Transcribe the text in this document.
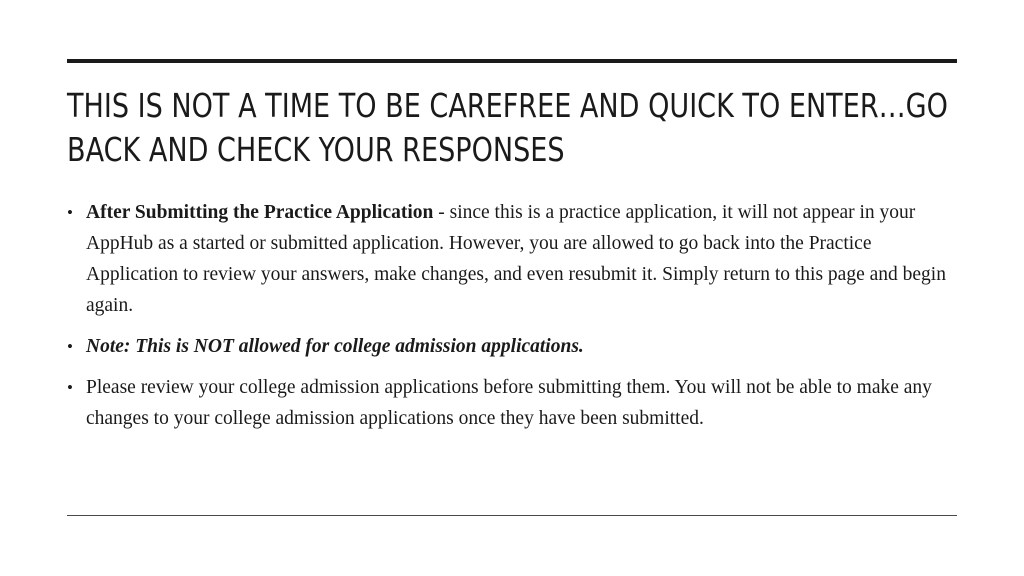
THIS IS NOT A TIME TO BE CAREFREE AND QUICK TO ENTER…GO BACK AND CHECK YOUR RESPONSES
• After Submitting the Practice Application - since this is a practice application, it will not appear in your AppHub as a started or submitted application. However, you are allowed to go back into the Practice Application to review your answers, make changes, and even resubmit it. Simply return to this page and begin again.
• Note: This is NOT allowed for college admission applications.
• Please review your college admission applications before submitting them. You will not be able to make any changes to your college admission applications once they have been submitted.
